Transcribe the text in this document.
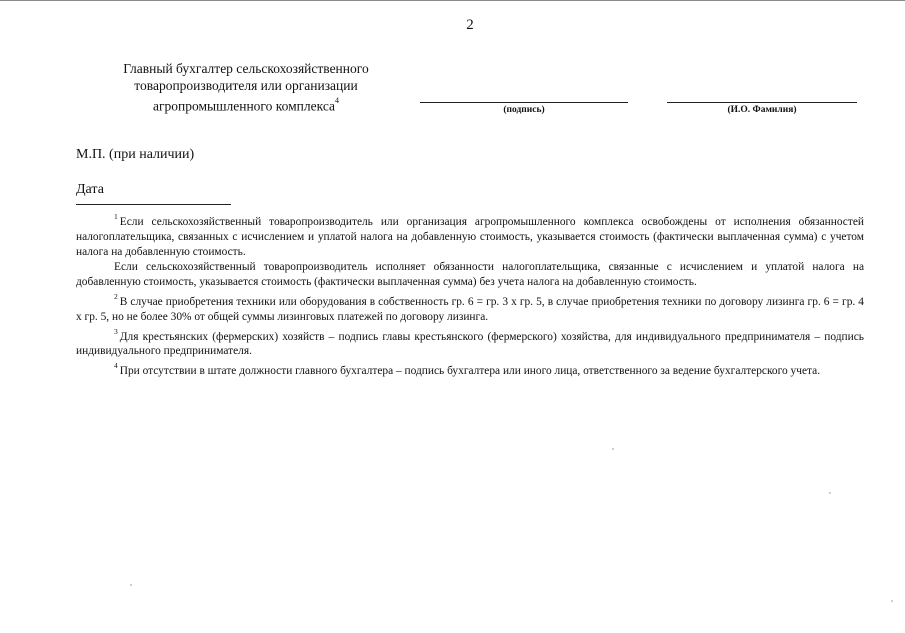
2
Главный бухгалтер сельскохозяйственного
товаропроизводителя или организации
агропромышленного комплекса$^4$
(подпись)	(И.О. Фамилия)
М.П. (при наличии)
Дата

$^1$ Если сельскохозяйственный товаропроизводитель или организация агропромышленного комплекса освобождены от исполнения обязанностей налогоплательщика, связанных с исчислением и уплатой налога на добавленную стоимость, указывается стоимость (фактически выплаченная сумма) с учетом налога на добавленную стоимость.

Если сельскохозяйственный товаропроизводитель исполняет обязанности налогоплательщика, связанные с исчислением и уплатой налога на добавленную стоимость, указывается стоимость (фактически выплаченная сумма) без учета налога на добавленную стоимость.

$^2$ В случае приобретения техники или оборудования в собственность гр. 6 = гр. 3 х гр. 5, в случае приобретения техники по договору лизинга гр. 6 = гр. 4 х гр. 5, но не более 30% от общей суммы лизинговых платежей по договору лизинга.

$^3$ Для крестьянских (фермерских) хозяйств – подпись главы крестьянского (фермерского) хозяйства, для индивидуального предпринимателя – подпись индивидуального предпринимателя.

$^4$ При отсутствии в штате должности главного бухгалтера – подпись бухгалтера или иного лица, ответственного за ведение бухгалтерского учета.
